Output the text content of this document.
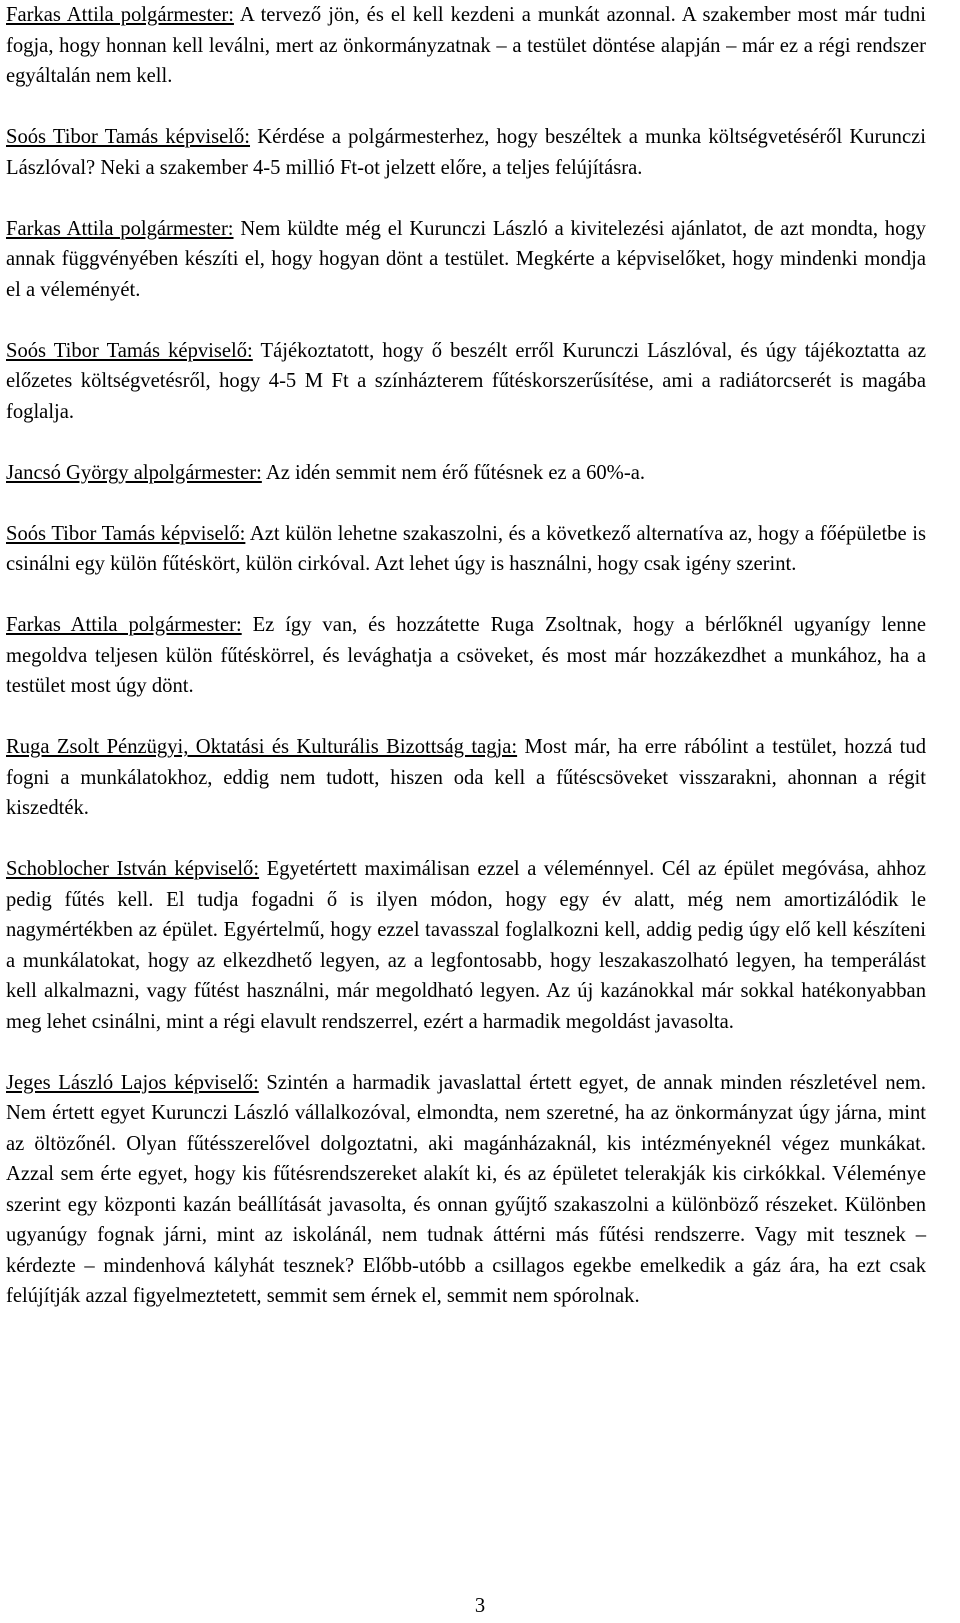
Farkas Attila polgármester: A tervező jön, és el kell kezdeni a munkát azonnal. A szakember most már tudni fogja, hogy honnan kell leválni, mert az önkormányzatnak – a testület döntése alapján – már ez a régi rendszer egyáltalán nem kell.

Soós Tibor Tamás képviselő: Kérdése a polgármesterhez, hogy beszéltek a munka költségvetéséről Kurunczi Lászlóval? Neki a szakember 4-5 millió Ft-ot jelzett előre, a teljes felújításra.

Farkas Attila polgármester: Nem küldte még el Kurunczi László a kivitelezési ajánlatot, de azt mondta, hogy annak függvényében készíti el, hogy hogyan dönt a testület. Megkérte a képviselőket, hogy mindenki mondja el a véleményét.

Soós Tibor Tamás képviselő: Tájékoztatott, hogy ő beszélt erről Kurunczi Lászlóval, és úgy tájékoztatta az előzetes költségvetésről, hogy 4-5 M Ft a színházterem fűtéskorszerűsítése, ami a radiátorcserét is magába foglalja.

Jancsó György alpolgármester: Az idén semmit nem érő fűtésnek ez a 60%-a.

Soós Tibor Tamás képviselő: Azt külön lehetne szakaszolni, és a következő alternatíva az, hogy a főépületbe is csinálni egy külön fűtéskört, külön cirkóval. Azt lehet úgy is használni, hogy csak igény szerint.

Farkas Attila polgármester: Ez így van, és hozzátette Ruga Zsoltnak, hogy a bérlőknél ugyanígy lenne megoldva teljesen külön fűtéskörrel, és levághatja a csöveket, és most már hozzákezdhet a munkához, ha a testület most úgy dönt.

Ruga Zsolt Pénzügyi, Oktatási és Kulturális Bizottság tagja: Most már, ha erre rábólint a testület, hozzá tud fogni a munkálatokhoz, eddig nem tudott, hiszen oda kell a fűtéscsöveket visszarakni, ahonnan a régit kiszedték.

Schoblocher István képviselő: Egyetértett maximálisan ezzel a véleménnyel. Cél az épület megóvása, ahhoz pedig fűtés kell. El tudja fogadni ő is ilyen módon, hogy egy év alatt, még nem amortizálódik le nagymértékben az épület. Egyértelmű, hogy ezzel tavasszal foglalkozni kell, addig pedig úgy elő kell készíteni a munkálatokat, hogy az elkezdhető legyen, az a legfontosabb, hogy leszakaszolható legyen, ha temperálást kell alkalmazni, vagy fűtést használni, már megoldható legyen. Az új kazánokkal már sokkal hatékonyabban meg lehet csinálni, mint a régi elavult rendszerrel, ezért a harmadik megoldást javasolta.

Jeges László Lajos képviselő: Szintén a harmadik javaslattal értett egyet, de annak minden részletével nem. Nem értett egyet Kurunczi László vállalkozóval, elmondta, nem szeretné, ha az önkormányzat úgy járna, mint az öltözőnél. Olyan fűtésszerelővel dolgoztatni, aki magánházaknál, kis intézményeknél végez munkákat. Azzal sem érte egyet, hogy kis fűtésrendszereket alakít ki, és az épületet telerakják kis cirkókkal. Véleménye szerint egy központi kazán beállítását javasolta, és onnan gyűjtő szakaszolni a különböző részeket. Különben ugyanúgy fognak járni, mint az iskolánál, nem tudnak áttérni más fűtési rendszerre. Vagy mit tesznek – kérdezte – mindenhová kályhát tesznek? Előbb-utóbb a csillagos egekbe emelkedik a gáz ára, ha ezt csak felújítják azzal figyelmeztetett, semmit sem érnek el, semmit nem spórolnak.

3
